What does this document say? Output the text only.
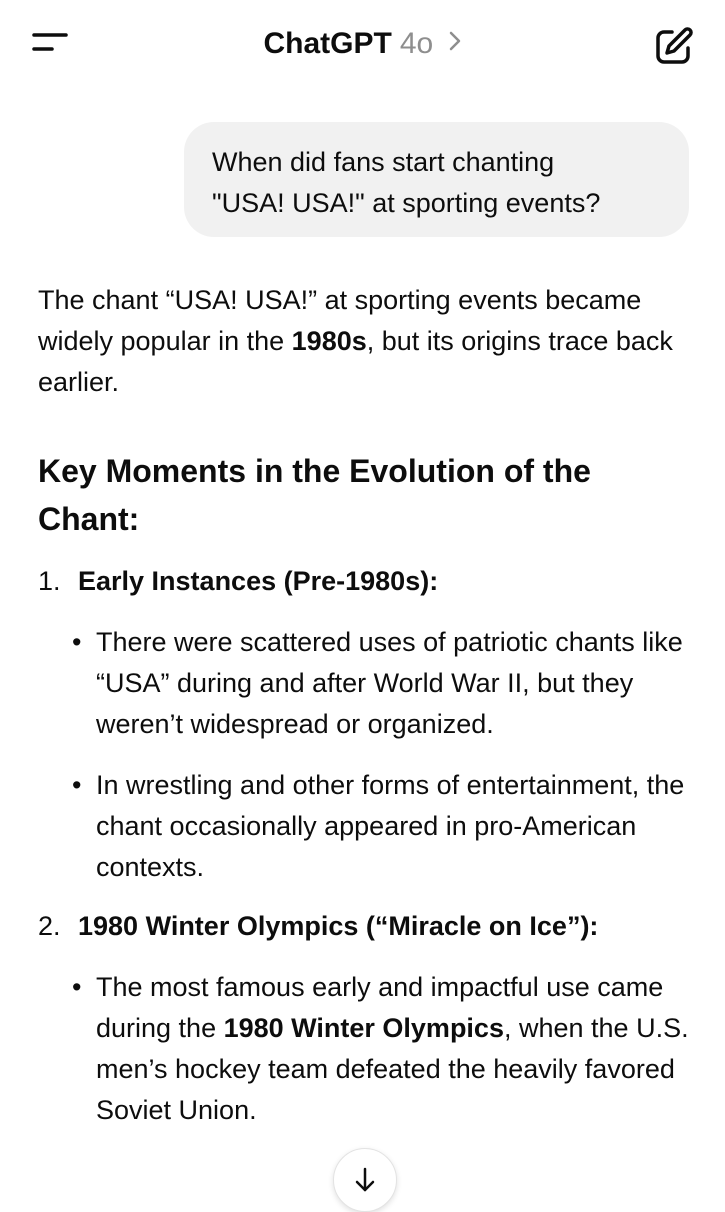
ChatGPT 4o
When did fans start chanting
"USA! USA!" at sporting events?

The chant “USA! USA!” at sporting events became widely popular in the 1980s, but its origins trace back earlier.

Key Moments in the Evolution of the Chant:
1. Early Instances (Pre-1980s):
• There were scattered uses of patriotic chants like “USA” during and after World War II, but they weren’t widespread or organized.
• In wrestling and other forms of entertainment, the chant occasionally appeared in pro-American contexts.
2. 1980 Winter Olympics (“Miracle on Ice”):
• The most famous early and impactful use came during the 1980 Winter Olympics, when the U.S. men’s hockey team defeated the heavily favored Soviet Union.
